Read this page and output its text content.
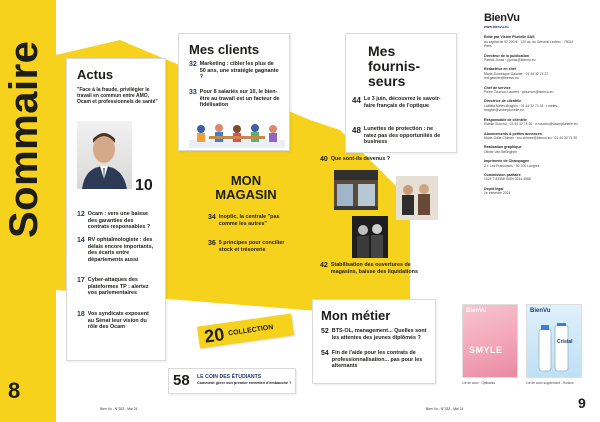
Sommaire
8
Bien Vu - N°332 - Mai 24
Actus
"Face à la fraude, privilégier le travail en commun entre AMO, Ocam et professionnels de santé"
10
12 Ocam : vers une baisse des garanties des contrats responsables ?
14 RV ophtalmologiste : des délais encore importants, des écarts entre départements aussi
17 Cyber-attaques des plateformes TP : alertez vos parlementaires
18 Vos syndicats exposent au Sénat leur vision du rôle des Ocam
Mes clients
32 Marketing : cibler les plus de 50 ans, une stratégie gagnante ?
33 Pour 8 salariés sur 10, le bien-être au travail est un facteur de fidélisation
MON
MAGASIN
34 Inoptic, la centrale "pas comme les autres"
36 5 principes pour concilier stock et trésorerie
20 COLLECTION
58 LE COIN DES ÉTUDIANTS
Comment gérer son premier entretien d'embauche ?
Mes
fournis-
seurs
44 Le 3 juin, découvrez le savoir-faire français de l'optique
48 Lunettes de protection : ne ratez pas des opportunités de business
40 Que sont-ils devenus ?
42 Stabilisation des ouvertures de magasins, baisse des liquidations
Mon métier
52 BTS-OL, management... Quelles sont les attentes des jeunes diplômés ?
54 Fin de l'aide pour les contrats de professionnalisation... pas pour les alternants
BienVu
www.bienvu.eu
Édité par Vision Plurielle SAS
au capital de 97 200 € · 120 av. du Général Leclerc · 75014 Paris
Directeur de la publication
Patrick Jonas · pjonas@bienvu.eu
Rédactrice en chef
Marie-Dominique Gasnier · 01 44 32 74 37 · md.gasnier@bienvu.eu
Chef de service
Pierre Tournon-Laurent · ptournon@bienvu.eu
Directrice de clientèle
Laëtitia Meles-Braghin · 01 44 32 74 34 · l.meles-braghin@visionplurielle.eu
Responsable de clientèle
Estelle Souchu · 01 44 32 74 30 · e.souchu@visionplurielle.eu
Abonnements & petites annonces
Marie-Odile Chimes · mo.chimes@bienvu.eu · 01 44 32 74 30
Réalisation graphique
Olivier Van Bellinghen
Imprimerie de Champagne
Z.I. Les Franchises · 52 200 Langres
Commission paritaire
1024 T 83358 ISSN 0244-4968
Dépôt légal
2e trimestre 2024
BienVu
SMYLE
BienVu
Cristal
1re de couv : Optiswiss	1re de couv supplément : Horizon
Bien Vu - N°332 - Mai 24	9
